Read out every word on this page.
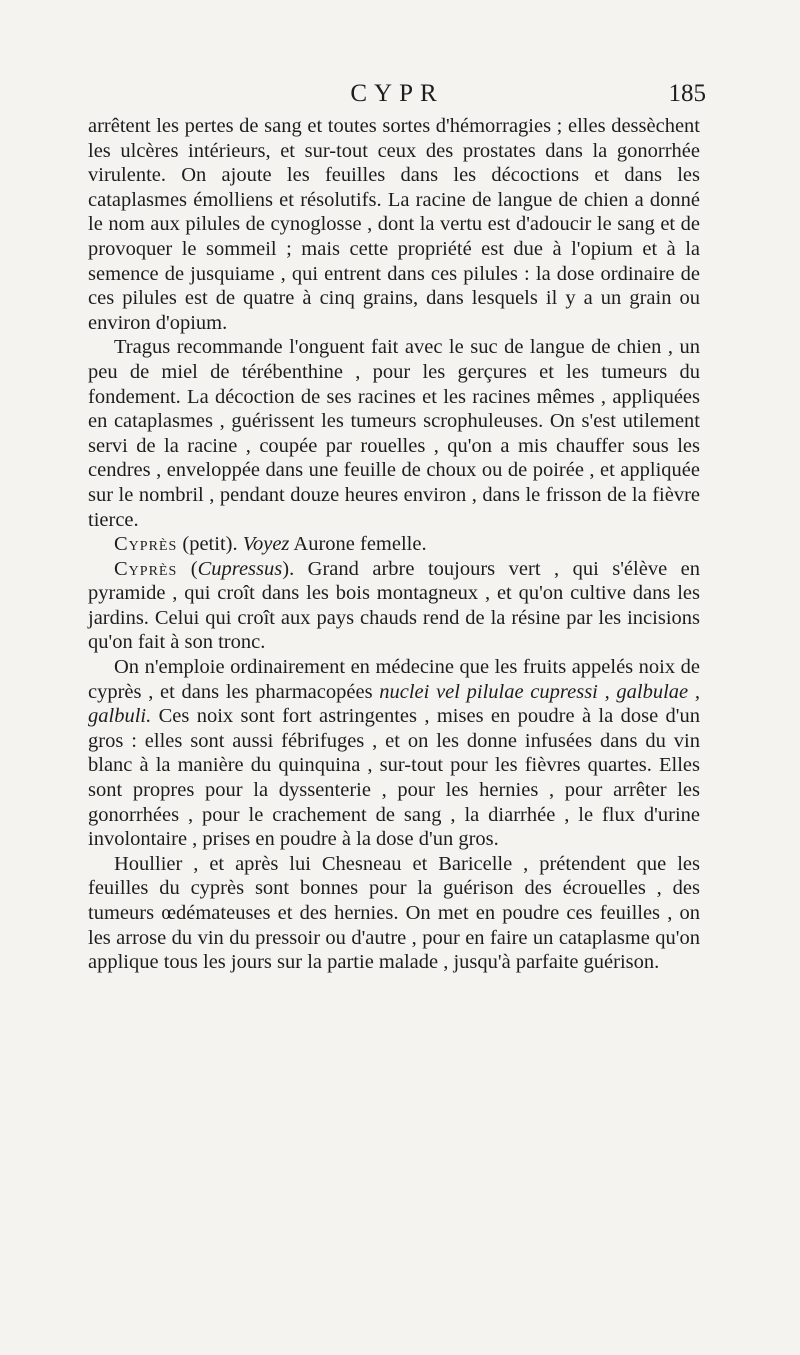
CYPR	185

arrêtent les pertes de sang et toutes sortes d'hémorragies ; elles dessèchent les ulcères intérieurs, et sur-tout ceux des prostates dans la gonorrhée virulente. On ajoute les feuilles dans les décoctions et dans les cataplasmes émolliens et résolutifs. La racine de langue de chien a donné le nom aux pilules de cynoglosse , dont la vertu est d'adoucir le sang et de provoquer le sommeil ; mais cette propriété est due à l'opium et à la semence de jusquiame , qui entrent dans ces pilules : la dose ordinaire de ces pilules est de quatre à cinq grains, dans lesquels il y a un grain ou environ d'opium.

Tragus recommande l'onguent fait avec le suc de langue de chien , un peu de miel de térébenthine , pour les gerçures et les tumeurs du fondement. La décoction de ses racines et les racines mêmes , appliquées en cataplasmes , guérissent les tumeurs scrophuleuses. On s'est utilement servi de la racine , coupée par rouelles , qu'on a mis chauffer sous les cendres , enveloppée dans une feuille de choux ou de poirée , et appliquée sur le nombril , pendant douze heures environ , dans le frisson de la fièvre tierce.

Cyprès (petit). Voyez Aurone femelle.

Cyprès (Cupressus). Grand arbre toujours vert , qui s'élève en pyramide , qui croît dans les bois montagneux , et qu'on cultive dans les jardins. Celui qui croît aux pays chauds rend de la résine par les incisions qu'on fait à son tronc.

On n'emploie ordinairement en médecine que les fruits appelés noix de cyprès , et dans les pharmacopées nuclei vel pilulae cupressi , galbulae , galbuli. Ces noix sont fort astringentes , mises en poudre à la dose d'un gros : elles sont aussi fébrifuges , et on les donne infusées dans du vin blanc à la manière du quinquina , sur-tout pour les fièvres quartes. Elles sont propres pour la dyssenterie , pour les hernies , pour arrêter les gonorrhées , pour le crachement de sang , la diarrhée , le flux d'urine involontaire , prises en poudre à la dose d'un gros.

Houllier , et après lui Chesneau et Baricelle , prétendent que les feuilles du cyprès sont bonnes pour la guérison des écrouelles , des tumeurs œdémateuses et des hernies. On met en poudre ces feuilles , on les arrose du vin du pressoir ou d'autre , pour en faire un cataplasme qu'on applique tous les jours sur la partie malade , jusqu'à parfaite guérison.
